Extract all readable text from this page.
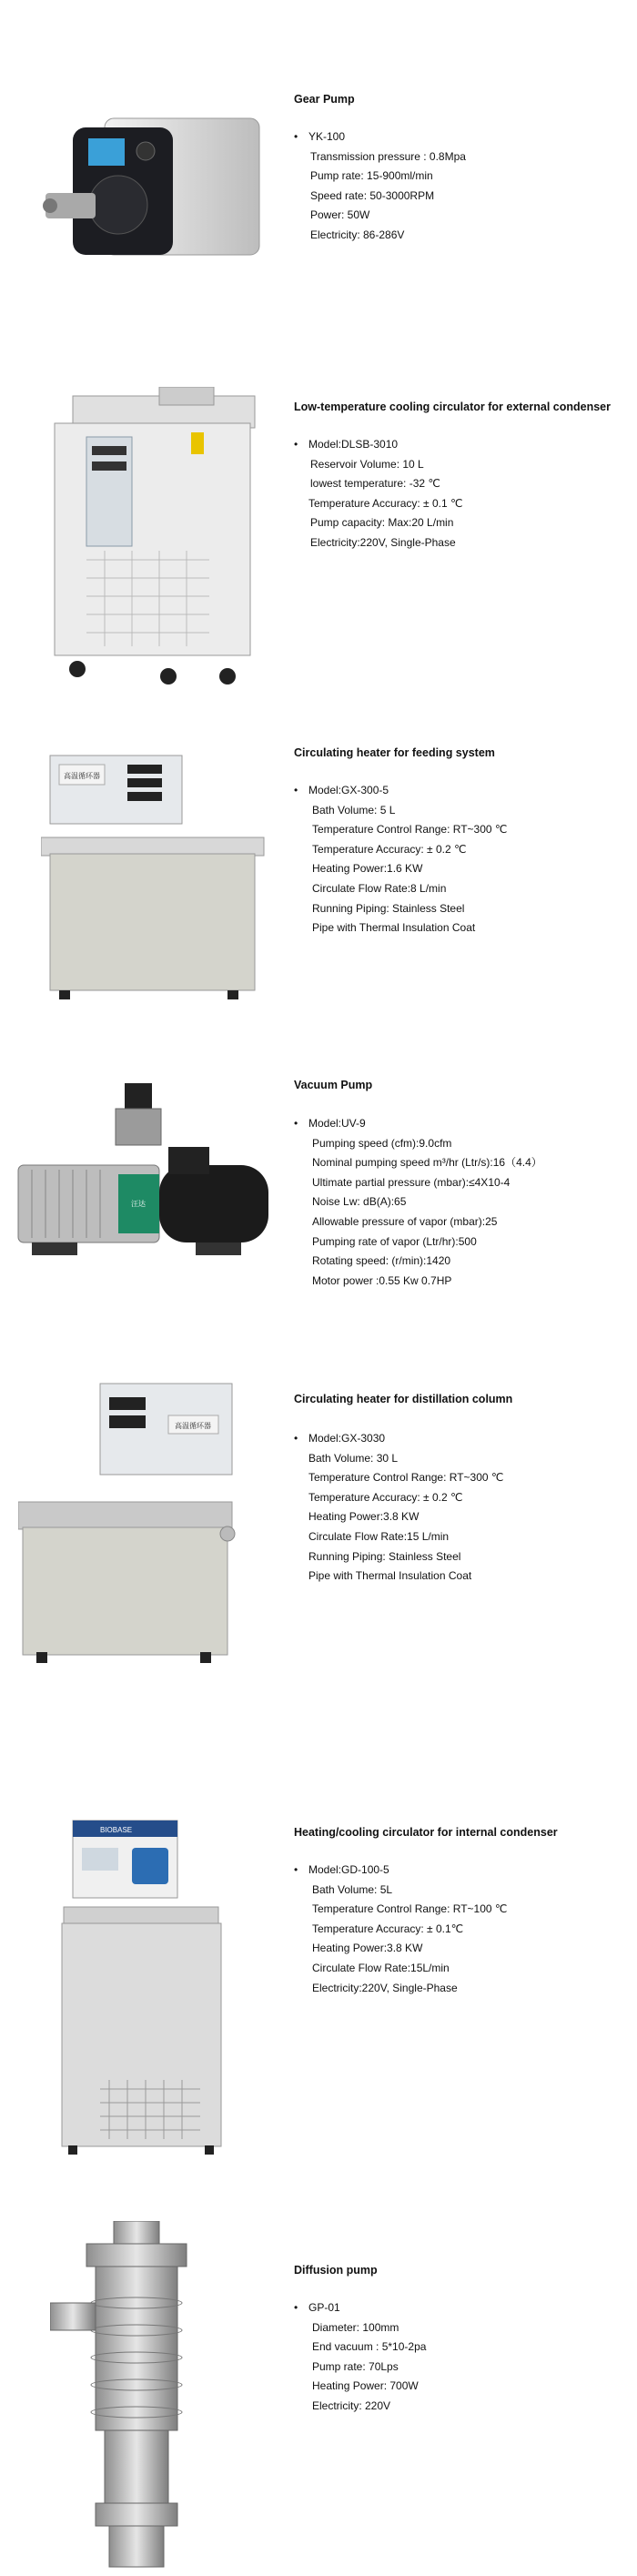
Gear Pump
• YK-100
Transmission pressure : 0.8Mpa
Pump rate: 15-900ml/min
Speed rate: 50-3000RPM
Power: 50W
Electricity: 86-286V
Low-temperature cooling circulator for external condenser
• Model:DLSB-3010
Reservoir Volume: 10 L
lowest temperature: -32 ℃
Temperature Accuracy: ± 0.1 ℃
Pump capacity: Max:20 L/min
Electricity:220V, Single-Phase
高温循环器
Circulating heater for feeding system
• Model:GX-300-5
Bath Volume: 5 L
Temperature Control Range: RT~300 ℃
Temperature Accuracy: ± 0.2 ℃
Heating Power:1.6 KW
Circulate Flow Rate:8 L/min
Running Piping: Stainless Steel
Pipe with Thermal Insulation Coat
汪达
Vacuum Pump
• Model:UV-9
Pumping speed (cfm):9.0cfm
Nominal pumping speed m³/hr (Ltr/s):16（4.4）
Ultimate partial pressure (mbar):≤4X10-4
Noise Lw: dB(A):65
Allowable pressure of vapor (mbar):25
Pumping rate of vapor (Ltr/hr):500
Rotating speed: (r/min):1420
Motor power :0.55 Kw 0.7HP
高温循环器
Circulating heater for distillation column
• Model:GX-3030
Bath Volume: 30 L
Temperature Control Range: RT~300 ℃
Temperature Accuracy: ± 0.2 ℃
Heating Power:3.8 KW
Circulate Flow Rate:15 L/min
Running Piping: Stainless Steel
Pipe with Thermal Insulation Coat
BIOBASE	Heating/cooling circulator for internal condenser
• Model:GD-100-5
Bath Volume: 5L
Temperature Control Range: RT~100 ℃
Temperature Accuracy: ± 0.1℃
Heating Power:3.8 KW
Circulate Flow Rate:15L/min
Electricity:220V, Single-Phase
Diffusion pump
• GP-01
Diameter: 100mm
End vacuum : 5*10-2pa
Pump rate: 70Lps
Heating Power: 700W
Electricity: 220V
